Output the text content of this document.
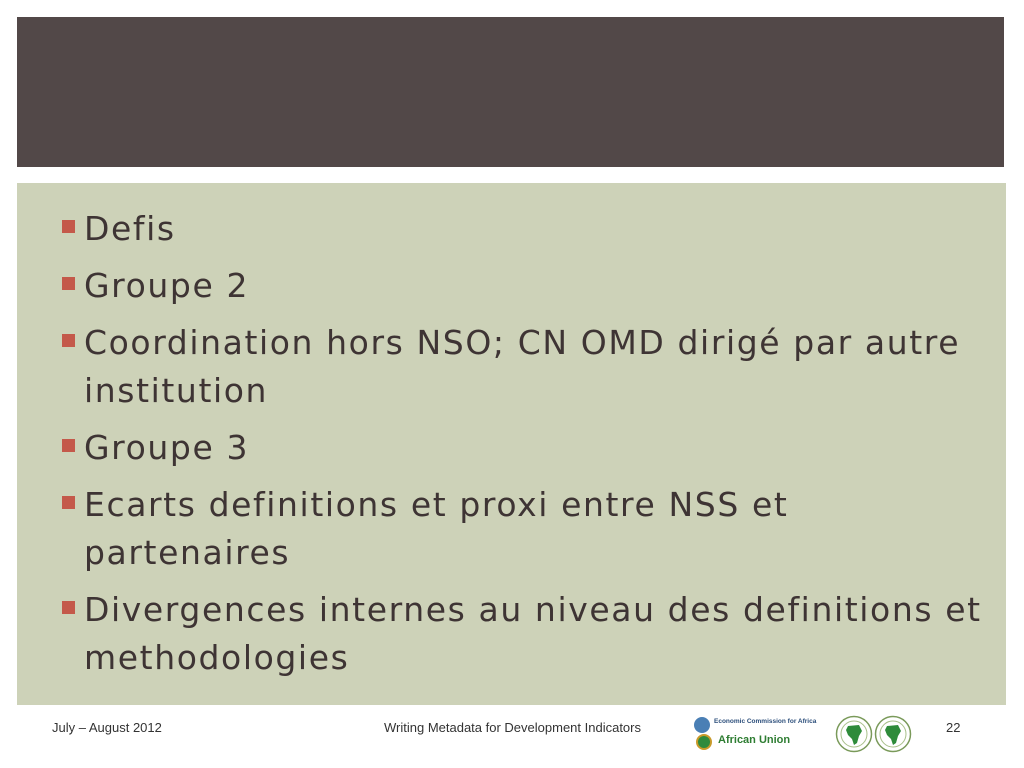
Defis
Groupe 2
Coordination hors NSO; CN OMD dirigé par autre institution
Groupe 3
Ecarts definitions et proxi entre NSS et partenaires
Divergences internes au niveau des definitions et methodologies
July – August 2012	Writing Metadata for Development Indicators	Economic Commission for Africa
African Union
22
